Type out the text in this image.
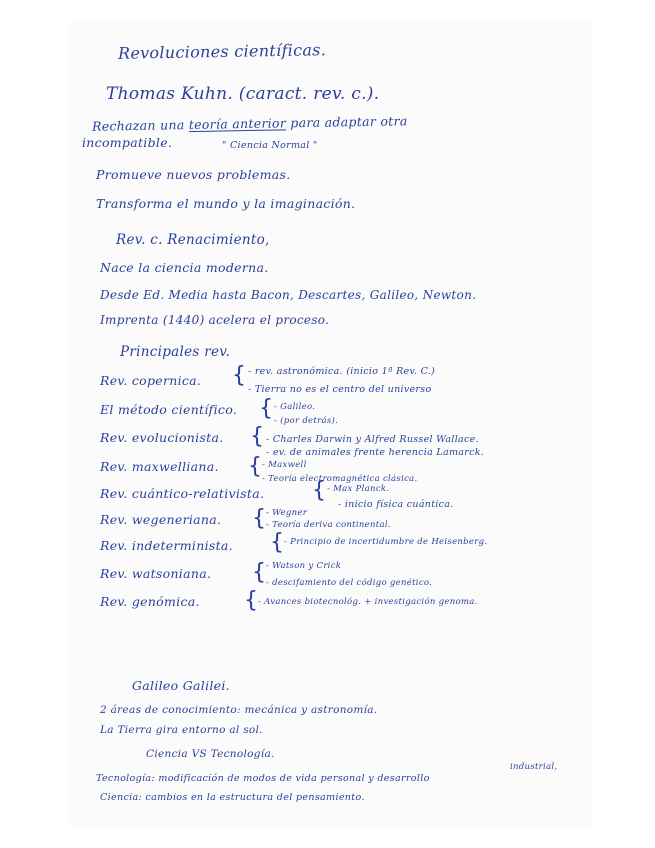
Revoluciones científicas.
Thomas Kuhn. (caract. rev. c.).
Rechazan una teoría anterior para adaptar otra
incompatible.	" Ciencia Normal "
Promueve nuevos problemas.
Transforma el mundo y la imaginación.
Rev. c. Renacimiento,
Nace la ciencia moderna.
Desde Ed. Media hasta Bacon, Descartes, Galileo, Newton.
Imprenta (1440) acelera el proceso.
Principales rev.
Rev. copernica. { - rev. astronómica. (inicio 1ª Rev. C.)
- Tierra no es el centro del universo
El método científico. { - Galileo.
- (por detrás).
Rev. evolucionista. { - Charles Darwin y Alfred Russel Wallace.
- ev. de animales frente herencia Lamarck.
Rev. maxwelliana. { - Maxwell
- Teoría electromagnética clásica.
Rev. cuántico-relativista. { - Max Planck.
- inicio física cuántica.
Rev. wegeneriana. { - Wegner
- Teoría deriva continental.
Rev. indeterminista. { - Principio de incertidumbre de Heisenberg.
Rev. watsoniana. { - Watson y Crick
- descifamiento del código genético.
Rev. genómica. { - Avances biotecnológ. + investigación genoma.
Galileo Galilei.
2 áreas de conocimiento: mecánica y astronomía.
La Tierra gira entorno al sol.
Ciencia VS Tecnología.
industrial,
Tecnología: modificación de modos de vida personal y desarrollo
Ciencia: cambios en la estructura del pensamiento.
